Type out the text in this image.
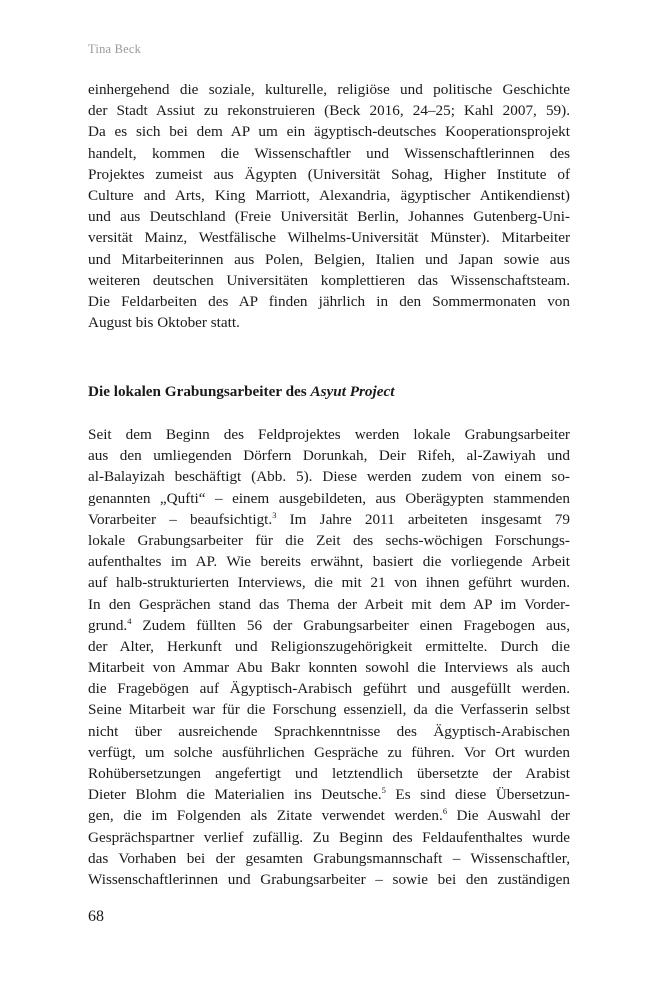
Tina Beck
einhergehend die soziale, kulturelle, religiöse und politische Geschichte
der Stadt Assiut zu rekonstruieren (Beck 2016, 24–25; Kahl 2007, 59).
Da es sich bei dem AP um ein ägyptisch-deutsches Kooperationsprojekt
handelt, kommen die Wissenschaftler und Wissenschaftlerinnen des
Projektes zumeist aus Ägypten (Universität Sohag, Higher Institute of
Culture and Arts, King Marriott, Alexandria, ägyptischer Antikendienst)
und aus Deutschland (Freie Universität Berlin, Johannes Gutenberg-Uni-
versität Mainz, Westfälische Wilhelms-Universität Münster). Mitarbeiter
und Mitarbeiterinnen aus Polen, Belgien, Italien und Japan sowie aus
weiteren deutschen Universitäten komplettieren das Wissenschaftsteam.
Die Feldarbeiten des AP finden jährlich in den Sommermonaten von
August bis Oktober statt.
Die lokalen Grabungsarbeiter des Asyut Project
Seit dem Beginn des Feldprojektes werden lokale Grabungsarbeiter
aus den umliegenden Dörfern Dorunkah, Deir Rifeh, al-Zawiyah und
al-Balayizah beschäftigt (Abb. 5). Diese werden zudem von einem so-
genannten „Qufti“ – einem ausgebildeten, aus Oberägypten stammenden
Vorarbeiter – beaufsichtigt.$^3$ Im Jahre 2011 arbeiteten insgesamt 79
lokale Grabungsarbeiter für die Zeit des sechs-wöchigen Forschungs-
aufenthaltes im AP. Wie bereits erwähnt, basiert die vorliegende Arbeit
auf halb-strukturierten Interviews, die mit 21 von ihnen geführt wurden.
In den Gesprächen stand das Thema der Arbeit mit dem AP im Vorder-
grund.$^4$ Zudem füllten 56 der Grabungsarbeiter einen Fragebogen aus,
der Alter, Herkunft und Religionszugehörigkeit ermittelte. Durch die
Mitarbeit von Ammar Abu Bakr konnten sowohl die Interviews als auch
die Fragebögen auf Ägyptisch-Arabisch geführt und ausgefüllt werden.
Seine Mitarbeit war für die Forschung essenziell, da die Verfasserin selbst
nicht über ausreichende Sprachkenntnisse des Ägyptisch-Arabischen
verfügt, um solche ausführlichen Gespräche zu führen. Vor Ort wurden
Rohübersetzungen angefertigt und letztendlich übersetzte der Arabist
Dieter Blohm die Materialien ins Deutsche.$^5$ Es sind diese Übersetzun-
gen, die im Folgenden als Zitate verwendet werden.$^6$ Die Auswahl der
Gesprächspartner verlief zufällig. Zu Beginn des Feldaufenthaltes wurde
das Vorhaben bei der gesamten Grabungsmannschaft – Wissenschaftler,
Wissenschaftlerinnen und Grabungsarbeiter – sowie bei den zuständigen
68
